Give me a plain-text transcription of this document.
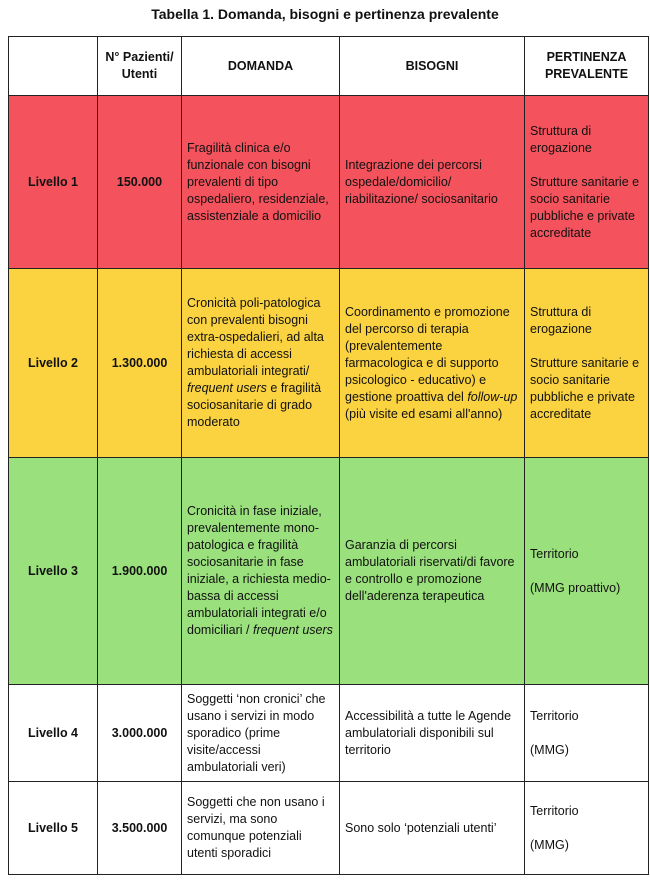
Tabella 1. Domanda, bisogni e pertinenza prevalente
	N° Pazienti/ Utenti	DOMANDA	BISOGNI	PERTINENZA PREVALENTE
Livello 1	150.000	Fragilità clinica e/o funzionale con bisogni prevalenti di tipo ospedaliero, residenziale, assistenziale a domicilio	Integrazione dei percorsi ospedale/domicilio/ riabilitazione/ sociosanitario	Struttura di erogazione
Strutture sanitarie e socio sanitarie pubbliche e private accreditate
Livello 2	1.300.000	Cronicità poli-patologica con prevalenti bisogni extra-ospedalieri, ad alta richiesta di accessi ambulatoriali integrati/ frequent users e fragilità sociosanitarie di grado moderato	Coordinamento e promozione del percorso di terapia (prevalentemente farmacologica e di supporto psicologico - educativo) e gestione proattiva del follow-up (più visite ed esami all'anno)	Struttura di erogazione
Strutture sanitarie e socio sanitarie pubbliche e private accreditate
Livello 3	1.900.000	Cronicità in fase iniziale, prevalentemente mono-patologica e fragilità sociosanitarie in fase iniziale, a richiesta medio- bassa di accessi ambulatoriali integrati e/o domiciliari / frequent users	Garanzia di percorsi ambulatoriali riservati/di favore e controllo e promozione dell'aderenza terapeutica	Territorio
(MMG proattivo)
Livello 4	3.000.000	Soggetti ‘non cronici’ che usano i servizi in modo sporadico (prime visite/accessi ambulatoriali veri)	Accessibilità a tutte le Agende ambulatoriali disponibili sul territorio	Territorio
(MMG)
Livello 5	3.500.000	Soggetti che non usano i servizi, ma sono comunque potenziali utenti sporadici	Sono solo ‘potenziali utenti’	Territorio
(MMG)
